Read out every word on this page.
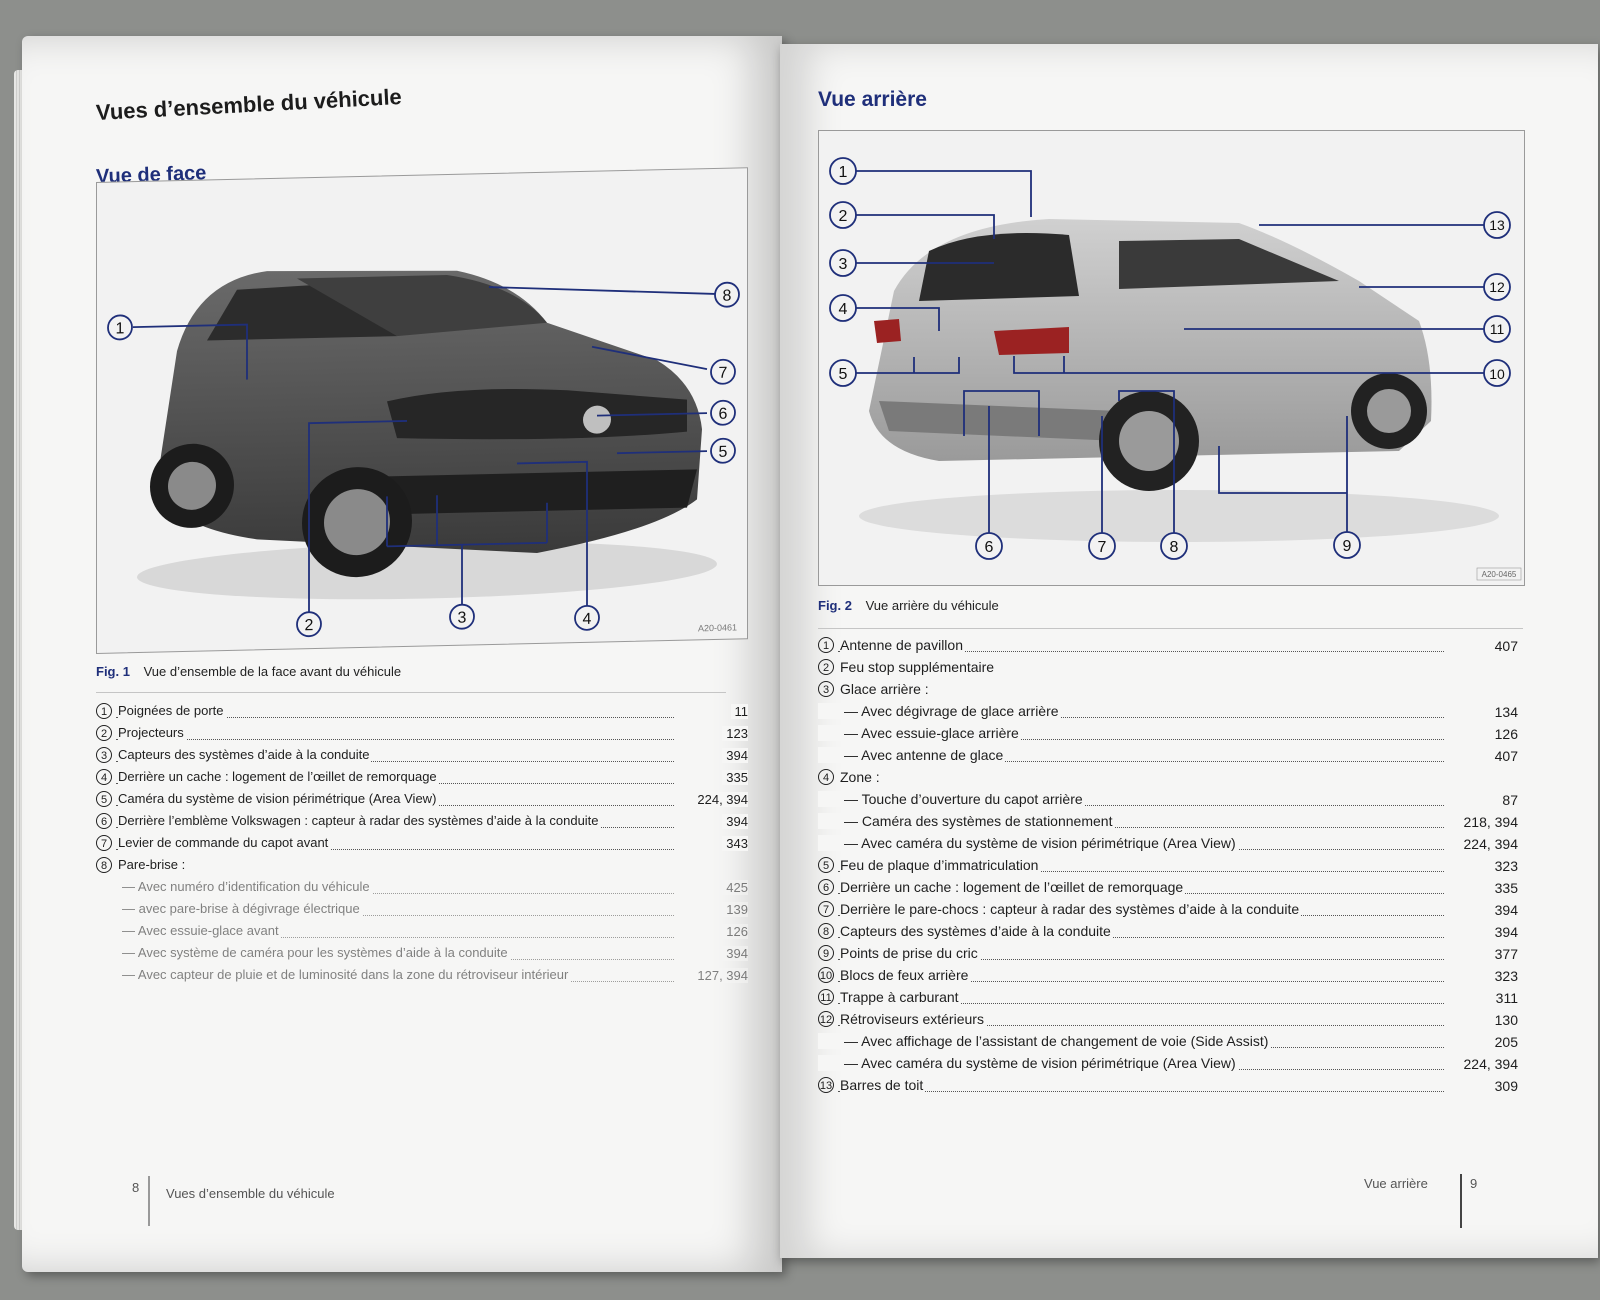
Vues d’ensemble du véhicule
Vue de face
1
2	3	4
5
6
7
8
A20-0461
Fig. 1 Vue d’ensemble de la face avant du véhicule
1 Poignées de porte	11
2 Projecteurs	123
3 Capteurs des systèmes d’aide à la conduite	394
4 Derrière un cache : logement de l’œillet de remorquage	335
5 Caméra du système de vision périmétrique (Area View)	224, 394
6 Derrière l’emblème Volkswagen : capteur à radar des systèmes d’aide à la conduite	394
7 Levier de commande du capot avant	343
8 Pare-brise :
— Avec numéro d’identification du véhicule	425
— avec pare-brise à dégivrage électrique	139
— Avec essuie-glace avant	126
— Avec système de caméra pour les systèmes d’aide à la conduite	394
— Avec capteur de pluie et de luminosité dans la zone du rétroviseur intérieur	127, 394
8 Vues d’ensemble du véhicule
Vue arrière
1
2
3
4
5
6	7	8	9
10
11
12
13
A20-0465
Fig. 2 Vue arrière du véhicule
1 Antenne de pavillon	407
2 Feu stop supplémentaire
3 Glace arrière :
— Avec dégivrage de glace arrière	134
— Avec essuie-glace arrière	126
— Avec antenne de glace	407
4 Zone :
— Touche d’ouverture du capot arrière	87
— Caméra des systèmes de stationnement	218, 394
— Avec caméra du système de vision périmétrique (Area View)	224, 394
5 Feu de plaque d’immatriculation	323
6 Derrière un cache : logement de l’œillet de remorquage	335
7 Derrière le pare-chocs : capteur à radar des systèmes d’aide à la conduite	394
8 Capteurs des systèmes d’aide à la conduite	394
9 Points de prise du cric	377
10 Blocs de feux arrière	323
11 Trappe à carburant	311
12 Rétroviseurs extérieurs	130
— Avec affichage de l’assistant de changement de voie (Side Assist)	205
— Avec caméra du système de vision périmétrique (Area View)	224, 394
13 Barres de toit	309
Vue arrière	9
